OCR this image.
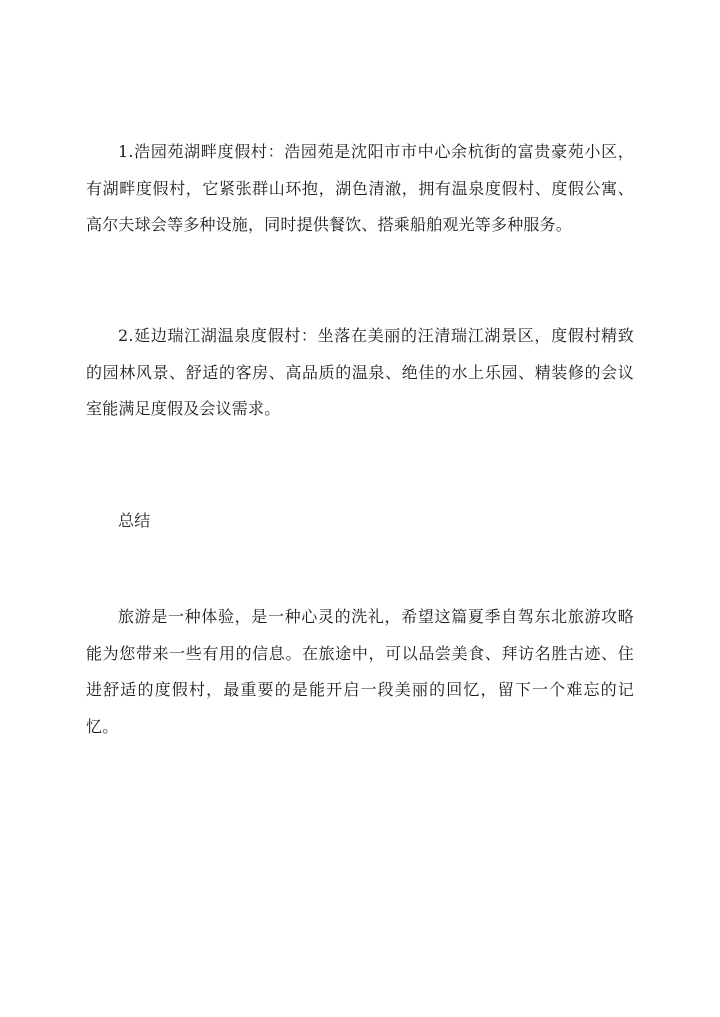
1.浩园苑湖畔度假村：浩园苑是沈阳市市中心余杭街的富贵豪苑小区，有湖畔度假村，它紧张群山环抱，湖色清澈，拥有温泉度假村、度假公寓、高尔夫球会等多种设施，同时提供餐饮、搭乘船舶观光等多种服务。

2.延边瑞江湖温泉度假村：坐落在美丽的汪清瑞江湖景区，度假村精致的园林风景、舒适的客房、高品质的温泉、绝佳的水上乐园、精装修的会议室能满足度假及会议需求。

总结

旅游是一种体验，是一种心灵的洗礼，希望这篇夏季自驾东北旅游攻略能为您带来一些有用的信息。在旅途中，可以品尝美食、拜访名胜古迹、住进舒适的度假村，最重要的是能开启一段美丽的回忆，留下一个难忘的记忆。
